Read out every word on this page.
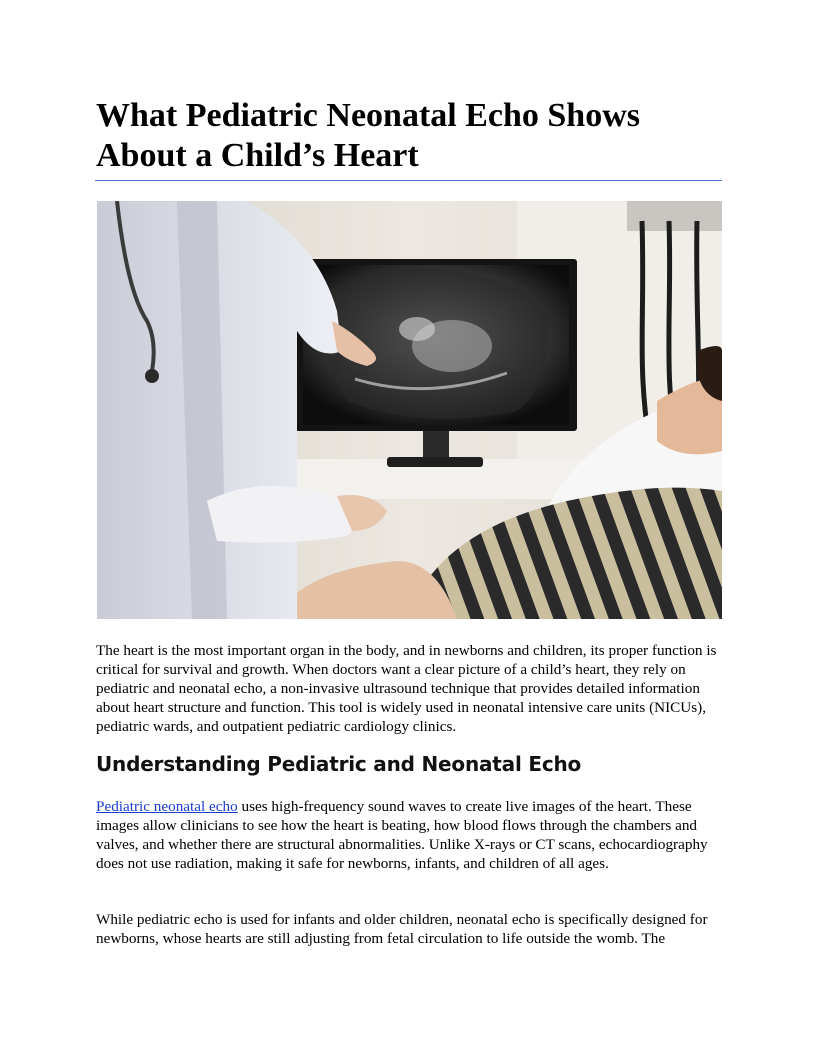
What Pediatric Neonatal Echo Shows
About a Child’s Heart

The heart is the most important organ in the body, and in newborns and children, its proper function is critical for survival and growth. When doctors want a clear picture of a child’s heart, they rely on pediatric and neonatal echo, a non-invasive ultrasound technique that provides detailed information about heart structure and function. This tool is widely used in neonatal intensive care units (NICUs), pediatric wards, and outpatient pediatric cardiology clinics.

Understanding Pediatric and Neonatal Echo

Pediatric neonatal echo uses high-frequency sound waves to create live images of the heart. These images allow clinicians to see how the heart is beating, how blood flows through the chambers and valves, and whether there are structural abnormalities. Unlike X-rays or CT scans, echocardiography does not use radiation, making it safe for newborns, infants, and children of all ages.

While pediatric echo is used for infants and older children, neonatal echo is specifically designed for newborns, whose hearts are still adjusting from fetal circulation to life outside the womb. The
